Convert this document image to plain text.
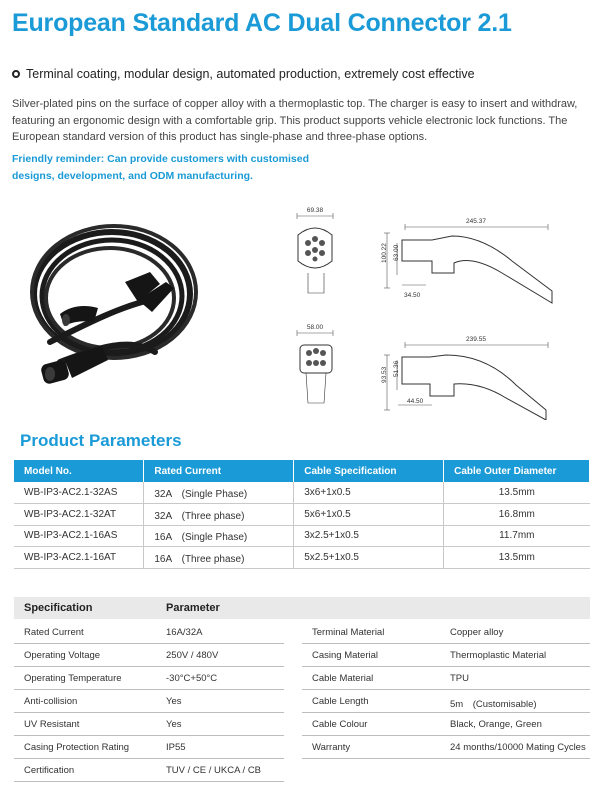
European Standard AC Dual Connector 2.1
Terminal coating, modular design, automated production, extremely cost effective
Silver-plated pins on the surface of copper alloy with a thermoplastic top. The charger is easy to insert and withdraw, featuring an ergonomic design with a comfortable grip. This product supports vehicle electronic lock functions. The European standard version of this product has single-phase and three-phase options.
Friendly reminder: Can provide customers with customised designs, development, and ODM manufacturing.
69.38
245.37
100.22 63.00
34.50
58.00
239.55
93.53 51.36
44.50
Product Parameters
Model No.	Rated Current	Cable Specification	Cable Outer Diameter
WB-IP3-AC2.1-32AS	32A　(Single Phase)	3x6+1x0.5	13.5mm
WB-IP3-AC2.1-32AT	32A　(Three phase)	5x6+1x0.5	16.8mm
WB-IP3-AC2.1-16AS	16A　(Single Phase)	3x2.5+1x0.5	11.7mm
WB-IP3-AC2.1-16AT	16A　(Three phase)	5x2.5+1x0.5	13.5mm
Specification	Parameter
Rated Current	16A/32A
Operating Voltage	250V / 480V
Operating Temperature	-30°C+50°C
Anti-collision	Yes
UV Resistant	Yes
Casing Protection Rating	IP55
Certification	TUV / CE / UKCA / CB
Terminal Material	Copper alloy
Casing Material	Thermoplastic Material
Cable Material	TPU
Cable Length	5m　(Customisable)
Cable Colour	Black, Orange, Green
Warranty	24 months/10000 Mating Cycles
